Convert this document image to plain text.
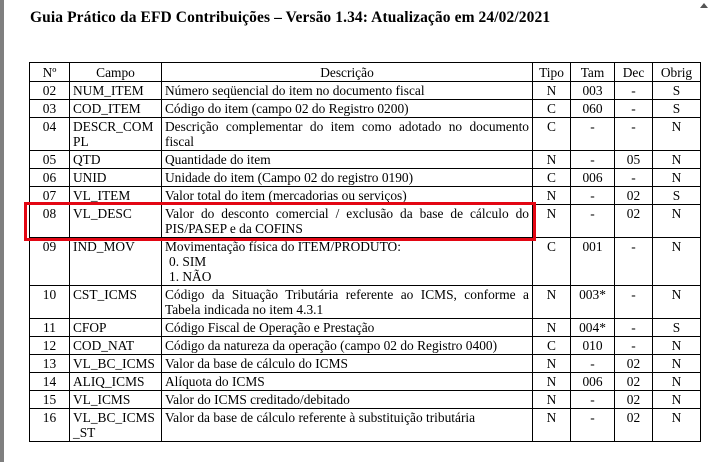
Guia Prático da EFD Contribuições – Versão 1.34: Atualização em 24/02/2021
Nº	Campo	Descrição	Tipo	Tam	Dec	Obrig
02	NUM_ITEM	Número seqüencial do item no documento fiscal	N	003	-	S
03	COD_ITEM	Código do item (campo 02 do Registro 0200)	C	060	-	S
04	DESCR_COMPL	Descrição complementar do item como adotado no documento fiscal	C	-	-	N
05	QTD	Quantidade do item	N	-	05	N
06	UNID	Unidade do item (Campo 02 do registro 0190)	C	006	-	N
07	VL_ITEM	Valor total do item (mercadorias ou serviços)	N	-	02	S
08	VL_DESC	Valor do desconto comercial / exclusão da base de cálculo do PIS/PASEP e da COFINS	N	-	02	N
09	IND_MOV	Movimentação física do ITEM/PRODUTO:
0. SIM
1. NÃO	C	001	-	N
10	CST_ICMS	Código da Situação Tributária referente ao ICMS, conforme a Tabela indicada no item 4.3.1	N	003*	-	N
11	CFOP	Código Fiscal de Operação e Prestação	N	004*	-	S
12	COD_NAT	Código da natureza da operação (campo 02 do Registro 0400)	C	010	-	N
13	VL_BC_ICMS	Valor da base de cálculo do ICMS	N	-	02	N
14	ALIQ_ICMS	Alíquota do ICMS	N	006	02	N
15	VL_ICMS	Valor do ICMS creditado/debitado	N	-	02	N
16	VL_BC_ICMS_ST	Valor da base de cálculo referente à substituição tributária	N	-	02	N
